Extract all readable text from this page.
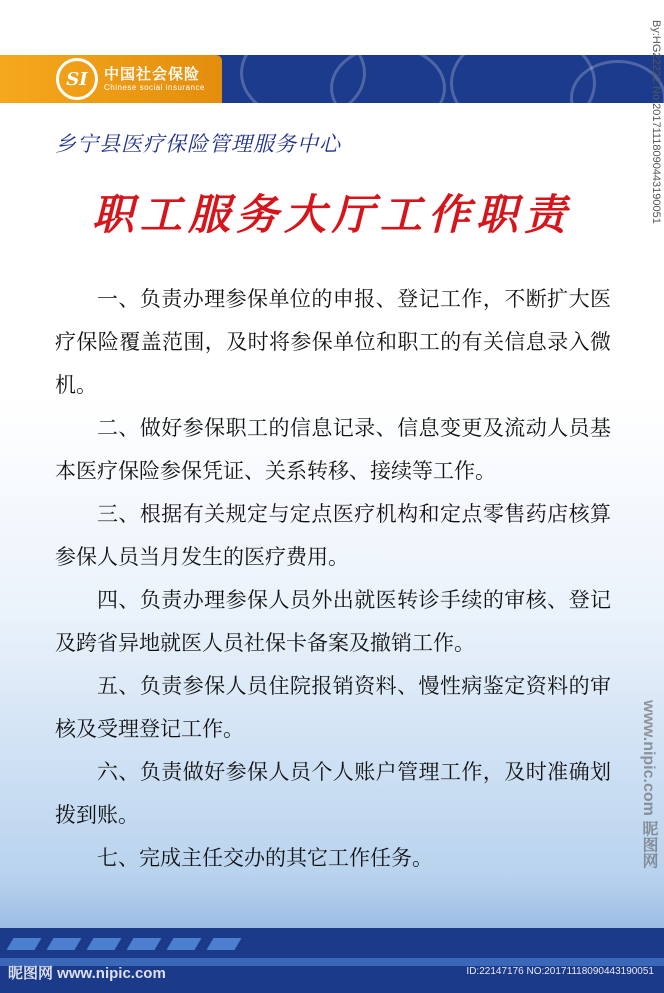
SI	中国社会保险
Chinese social insurance	By:HG22222 No:20171118090443190051
乡宁县医疗保险管理服务中心
职工服务大厅工作职责

一、负责办理参保单位的申报、登记工作，不断扩大医疗保险覆盖范围，及时将参保单位和职工的有关信息录入微机。

二、做好参保职工的信息记录、信息变更及流动人员基本医疗保险参保凭证、关系转移、接续等工作。

三、根据有关规定与定点医疗机构和定点零售药店核算参保人员当月发生的医疗费用。

四、负责办理参保人员外出就医转诊手续的审核、登记及跨省异地就医人员社保卡备案及撤销工作。

五、负责参保人员住院报销资料、慢性病鉴定资料的审核及受理登记工作。

六、负责做好参保人员个人账户管理工作，及时准确划拨到账。

七、完成主任交办的其它工作任务。

昵图网 www.nipic.com	ID:22147176 NO:20171118090443190051
www.nipic.com 昵图网
